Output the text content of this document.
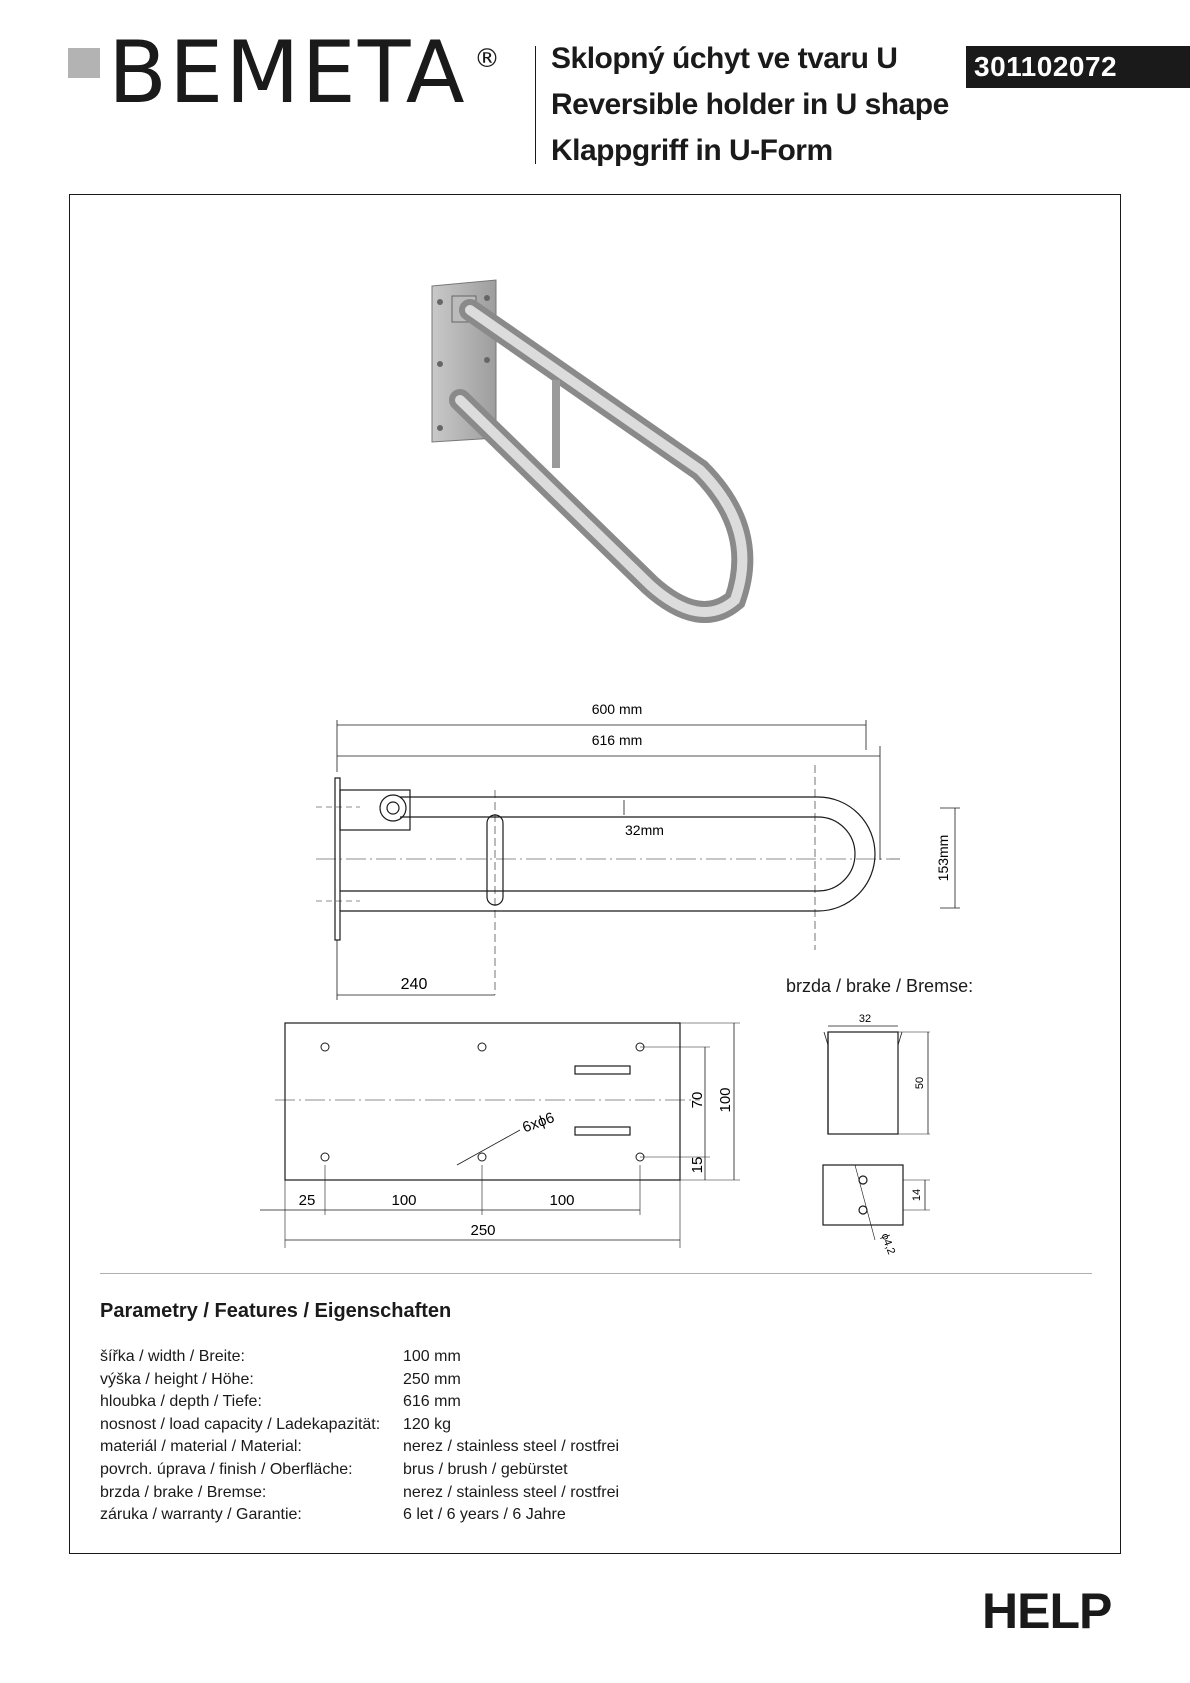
BEMETA ® Sklopný úchyt ve tvaru U
Reversible holder in U shape
Klappgriff in U-Form
301102072
600 mm
616 mm
32mm
153mm
240
6xϕ6
70 100
15
25	100	100
250
32
50
14
ϕ4,2
brzda / brake / Bremse:
Parametry / Features / Eigenschaften
šířka / width / Breite:	100 mm
výška / height / Höhe:	250 mm
hloubka / depth / Tiefe:	616 mm
nosnost / load capacity / Ladekapazität: 120 kg
materiál / material / Material:	nerez / stainless steel / rostfrei
povrch. úprava / finish / Oberfläche:	brus / brush / gebürstet
brzda / brake / Bremse:	nerez / stainless steel / rostfrei
záruka / warranty / Garantie:	6 let / 6 years / 6 Jahre
HELP
